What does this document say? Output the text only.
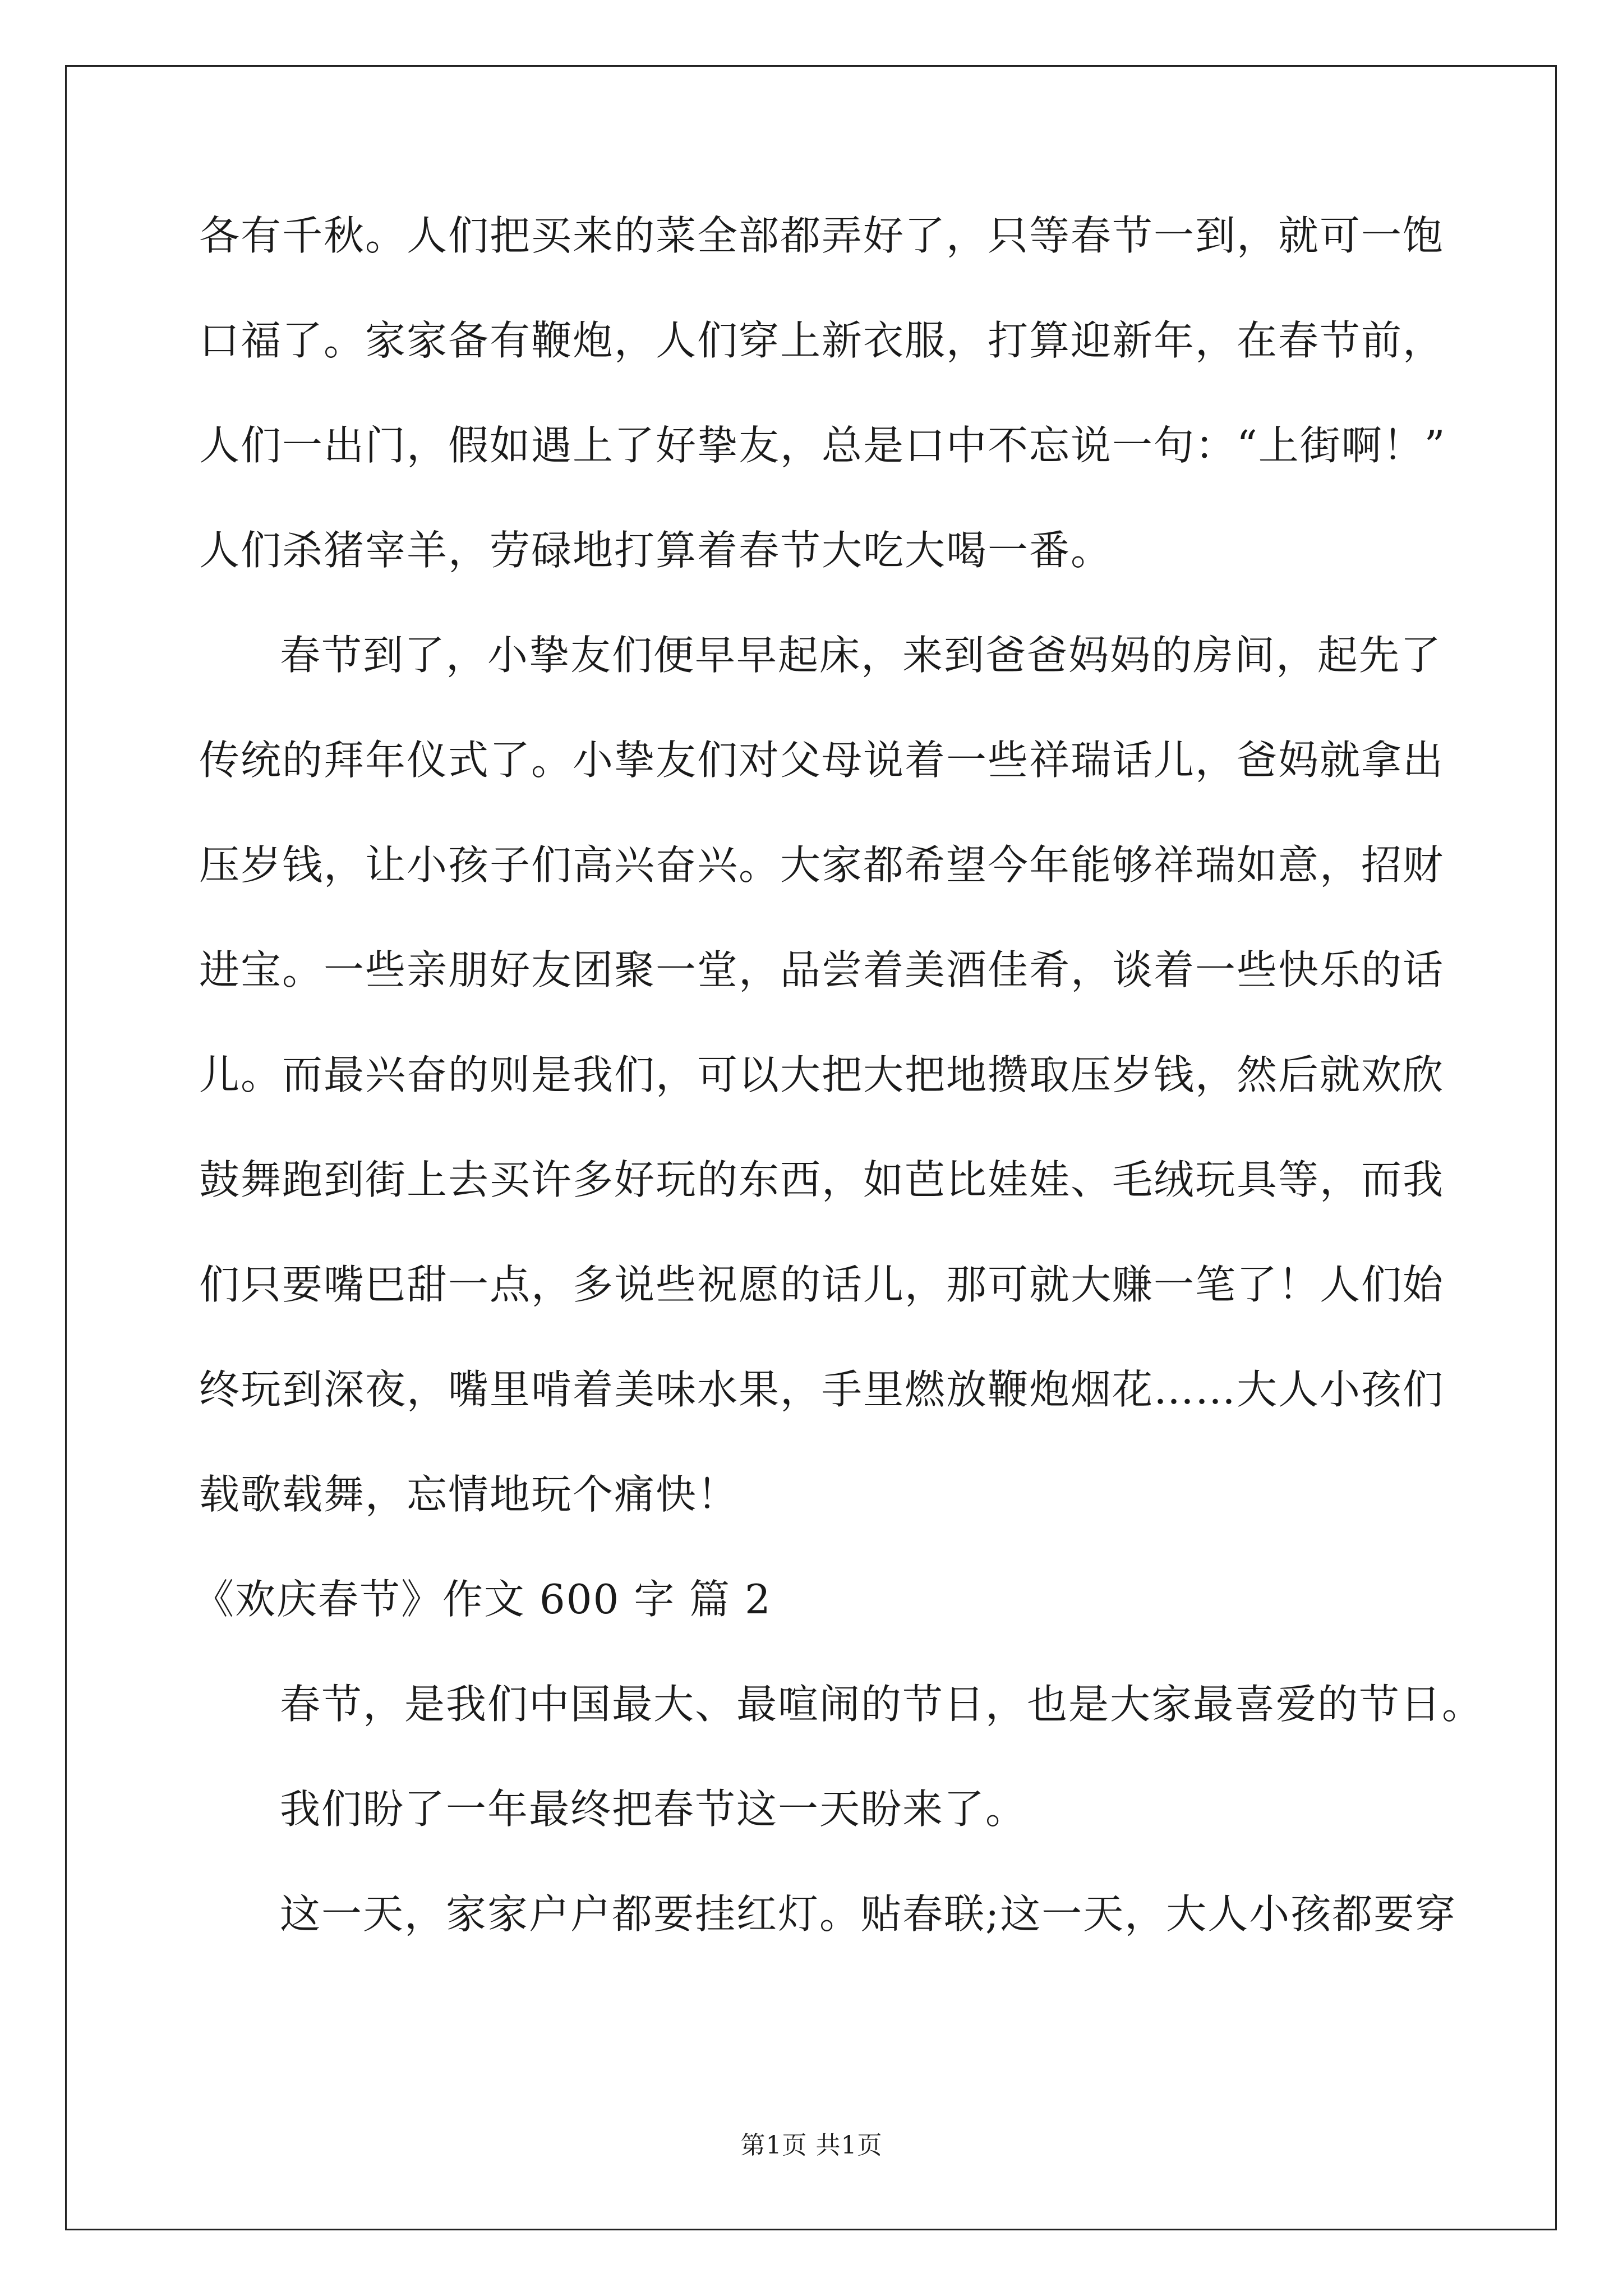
各有千秋。人们把买来的菜全部都弄好了，只等春节一到，就可一饱
口福了。家家备有鞭炮，人们穿上新衣服，打算迎新年，在春节前，
人们一出门，假如遇上了好挚友，总是口中不忘说一句：“上街啊！”
人们杀猪宰羊，劳碌地打算着春节大吃大喝一番。
春节到了，小挚友们便早早起床，来到爸爸妈妈的房间，起先了
传统的拜年仪式了。小挚友们对父母说着一些祥瑞话儿，爸妈就拿出
压岁钱，让小孩子们高兴奋兴。大家都希望今年能够祥瑞如意，招财
进宝。一些亲朋好友团聚一堂，品尝着美酒佳肴，谈着一些快乐的话
儿。而最兴奋的则是我们，可以大把大把地攒取压岁钱，然后就欢欣
鼓舞跑到街上去买许多好玩的东西，如芭比娃娃、毛绒玩具等，而我
们只要嘴巴甜一点，多说些祝愿的话儿，那可就大赚一笔了！人们始
终玩到深夜，嘴里啃着美味水果，手里燃放鞭炮烟花……大人小孩们
载歌载舞，忘情地玩个痛快！
《欢庆春节》作文 600 字 篇 2
春节，是我们中国最大、最喧闹的节日，也是大家最喜爱的节日。
我们盼了一年最终把春节这一天盼来了。
这一天，家家户户都要挂红灯。贴春联;这一天，大人小孩都要穿
第1页 共1页
